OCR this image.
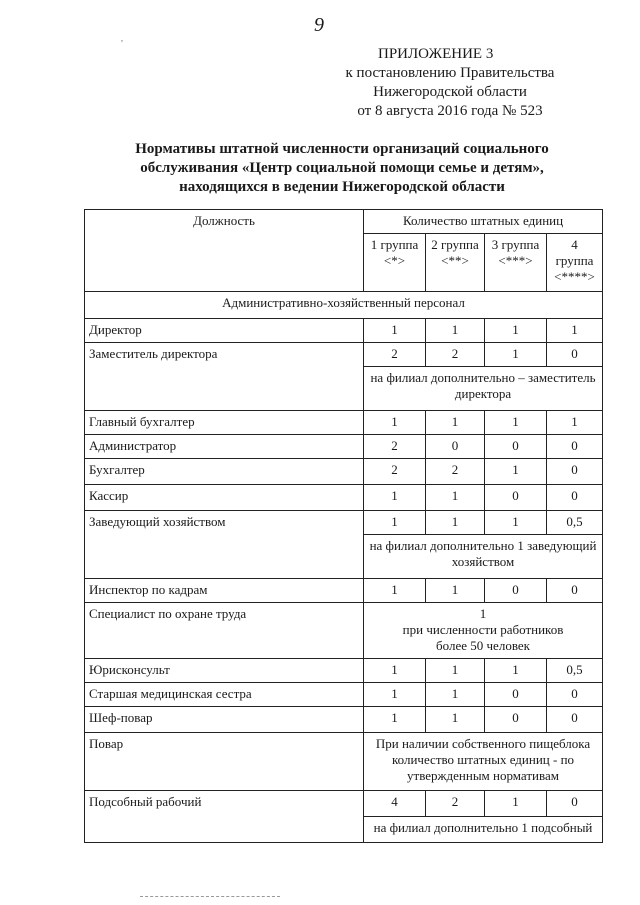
9
,
ПРИЛОЖЕНИЕ 3
к постановлению Правительства
Нижегородской области
от 8 августа 2016 года № 523
Нормативы штатной численности организаций социального
обслуживания «Центр социальной помощи семье и детям»,
находящихся в ведении Нижегородской области
Должность	Количество штатных единиц			
	1 группа <*>	2 группа <**>	3 группа <***>	4 группа <****>
Административно-хозяйственный персонал				
Директор	1	1	1	1
Заместитель директора	2	2	1	0
	на филиал дополнительно – заместитель директора			
Главный бухгалтер	1	1	1	1
Администратор	2	0	0	0
Бухгалтер	2	2	1	0
Кассир	1	1	0	0
Заведующий хозяйством	1	1	1	0,5
	на филиал дополнительно 1 заведующий хозяйством			
Инспектор по кадрам	1	1	0	0
Специалист по охране труда	1
при численности работников
более 50 человек			

Юрисконсульт	1	1	1	0,5
Старшая медицинская сестра	1	1	0	0
Шеф-повар	1	1	0	0
Повар	При наличии собственного пищеблока
количество штатных единиц - по
утвержденным нормативам			

Подсобный рабочий	4	2	1	0
	на филиал дополнительно 1 подсобный			
